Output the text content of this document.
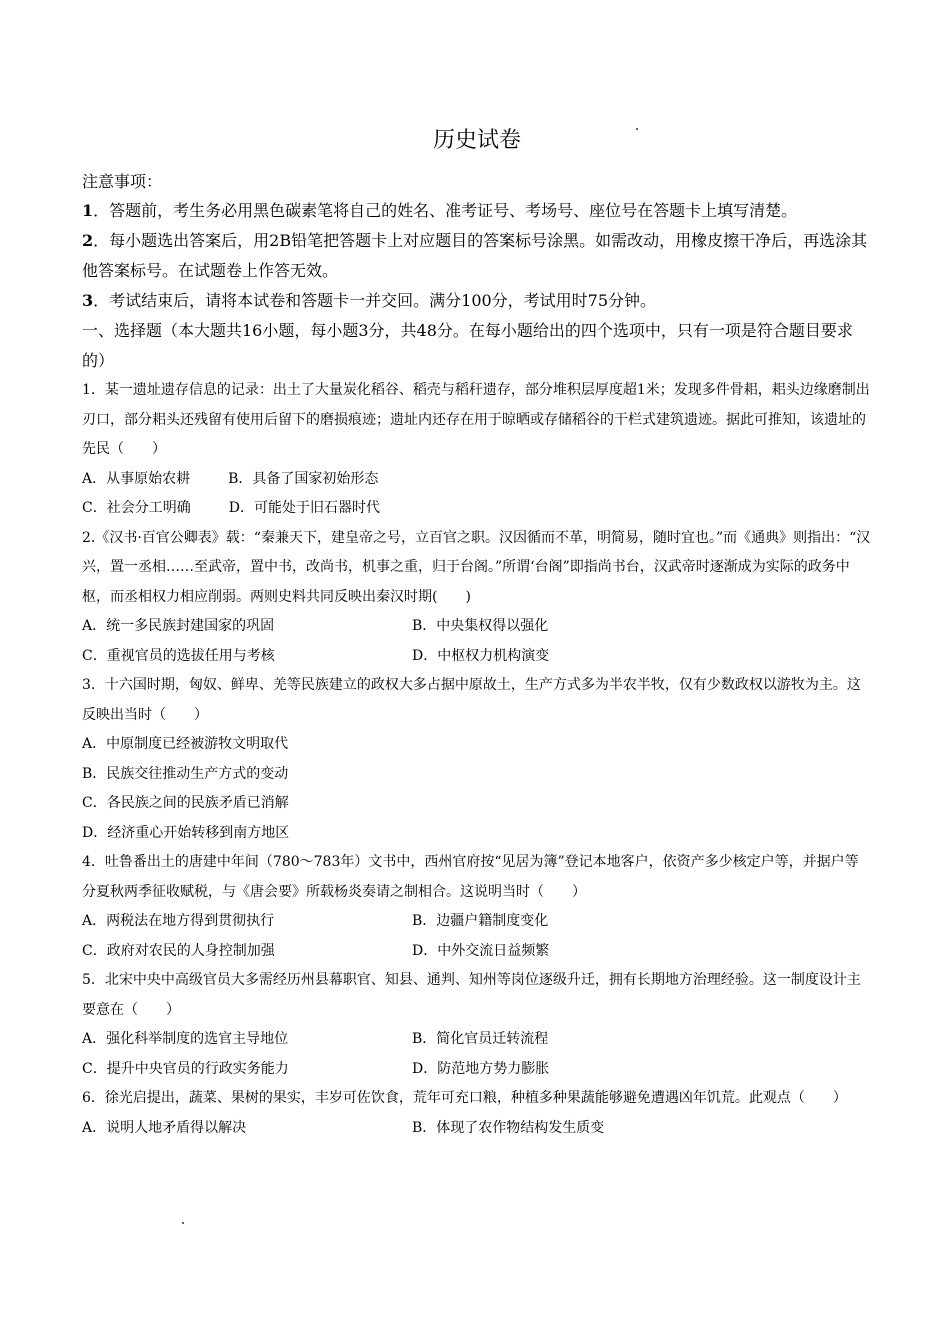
历史试卷
注意事项：
1．答题前，考生务必用黑色碳素笔将自己的姓名、准考证号、考场号、座位号在答题卡上填写清楚。
2．每小题选出答案后，用2B铅笔把答题卡上对应题目的答案标号涂黑。如需改动，用橡皮擦干净后，再选涂其他答案标号。在试题卷上作答无效。
3．考试结束后，请将本试卷和答题卡一并交回。满分100分，考试用时75分钟。
一、选择题（本大题共16小题，每小题3分，共48分。在每小题给出的四个选项中，只有一项是符合题目要求的）
1．某一遗址遗存信息的记录：出土了大量炭化稻谷、稻壳与稻秆遗存，部分堆积层厚度超1米；发现多件骨耜，耜头边缘磨制出刃口，部分耜头还残留有使用后留下的磨损痕迹；遗址内还存在用于晾晒或存储稻谷的干栏式建筑遗迹。据此可推知，该遗址的先民（　　）
A．从事原始农耕	B．具备了国家初始形态
C．社会分工明确	D．可能处于旧石器时代
2.《汉书·百官公卿表》载：“秦兼天下，建皇帝之号，立百官之职。汉因循而不革，明简易，随时宜也。”而《通典》则指出：“汉兴，置一丞相……至武帝，置中书，改尚书，机事之重，归于台阁。”所谓‘台阁”即指尚书台，汉武帝时逐渐成为实际的政务中枢，而丞相权力相应削弱。两则史料共同反映出秦汉时期(　　)
A．统一多民族封建国家的巩固	B．中央集权得以强化
C．重视官员的选拔任用与考核	D．中枢权力机构演变
3．十六国时期，匈奴、鲜卑、羌等民族建立的政权大多占据中原故土，生产方式多为半农半牧，仅有少数政权以游牧为主。这反映出当时（　　）
A．中原制度已经被游牧文明取代
B．民族交往推动生产方式的变动
C．各民族之间的民族矛盾已消解
D．经济重心开始转移到南方地区
4．吐鲁番出土的唐建中年间（780～783年）文书中，西州官府按“见居为簿”登记本地客户，依资产多少核定户等，并据户等分夏秋两季征收赋税，与《唐会要》所载杨炎奏请之制相合。这说明当时（　　）
A．两税法在地方得到贯彻执行	B．边疆户籍制度变化
C．政府对农民的人身控制加强	D．中外交流日益频繁
5．北宋中央中高级官员大多需经历州县幕职官、知县、通判、知州等岗位逐级升迁，拥有长期地方治理经验。这一制度设计主要意在（　　）
A．强化科举制度的选官主导地位	B．简化官员迁转流程
C．提升中央官员的行政实务能力	D．防范地方势力膨胀
6．徐光启提出，蔬菜、果树的果实，丰岁可佐饮食，荒年可充口粮，种植多种果蔬能够避免遭遇凶年饥荒。此观点（　　）
A．说明人地矛盾得以解决	B．体现了农作物结构发生质变
